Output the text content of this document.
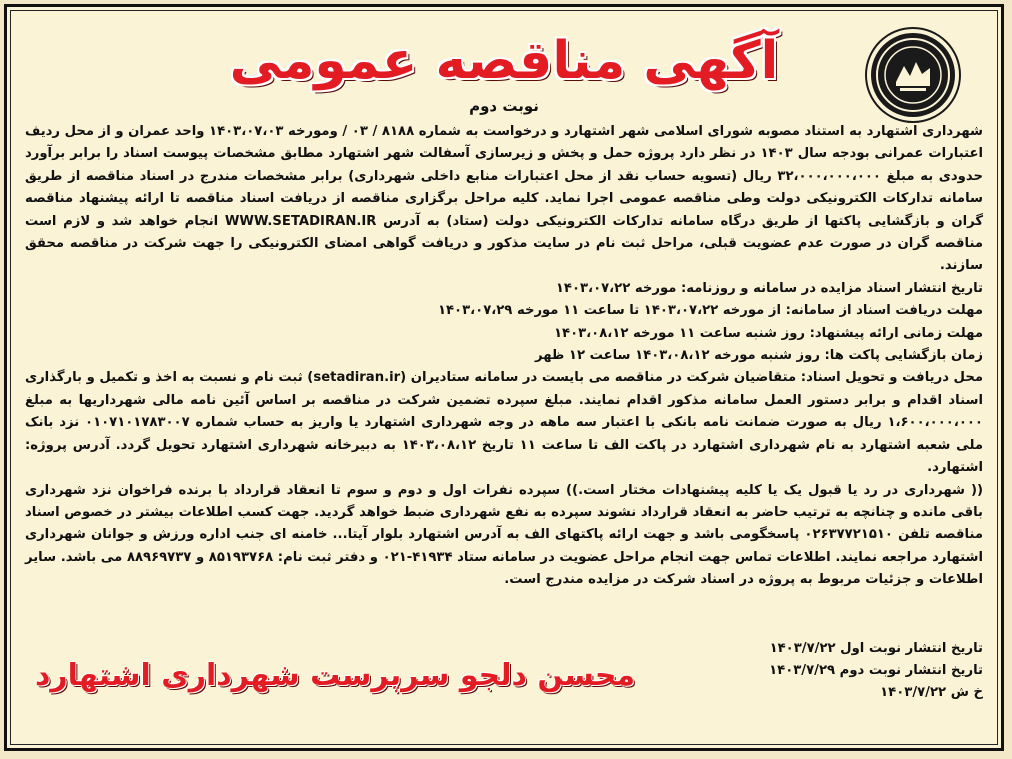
آگهی مناقصه عمومی
نوبت دوم

شهرداری اشتهارد به استناد مصوبه شورای اسلامی شهر اشتهارد و درخواست به شماره ۸۱۸۸ / ۰۳ / ومورخه ۱۴۰۳،۰۷،۰۳ واحد عمران و از محل ردیف اعتبارات عمرانی بودجه سال ۱۴۰۳ در نظر دارد پروژه حمل و پخش و زیرسازی آسفالت شهر اشتهارد مطابق مشخصات پیوست اسناد را برابر برآورد حدودی به مبلغ ۳۲،۰۰۰،۰۰۰،۰۰۰ ریال (تسویه حساب نقد از محل اعتبارات منابع داخلی شهرداری) برابر مشخصات مندرج در اسناد مناقصه از طریق سامانه تدارکات الکترونیکی دولت وطی مناقصه عمومی اجرا نماید. کلیه مراحل برگزاری مناقصه از دریافت اسناد مناقصه تا ارائه پیشنهاد مناقصه گران و بازگشایی پاکتها از طریق درگاه سامانه تدارکات الکترونیکی دولت (ستاد) به آدرس WWW.SETADIRAN.IR انجام خواهد شد و لازم است مناقصه گران در صورت عدم عضویت قبلی، مراحل ثبت نام در سایت مذکور و دریافت گواهی امضای الکترونیکی را جهت شرکت در مناقصه محقق سازند.

تاریخ انتشار اسناد مزایده در سامانه و روزنامه: مورخه ۱۴۰۳،۰۷،۲۲

مهلت دریافت اسناد از سامانه: از مورخه ۱۴۰۳،۰۷،۲۲ تا ساعت ۱۱ مورخه ۱۴۰۳،۰۷،۲۹

مهلت زمانی ارائه پیشنهاد: روز شنبه ساعت ۱۱ مورخه ۱۴۰۳،۰۸،۱۲

زمان بازگشایی پاکت ها: روز شنبه مورخه ۱۴۰۳،۰۸،۱۲ ساعت ۱۲ ظهر

محل دریافت و تحویل اسناد: متقاضیان شرکت در مناقصه می بایست در سامانه ستادیران (setadiran.ir) ثبت نام و نسبت به اخذ و تکمیل و بارگذاری اسناد اقدام و برابر دستور العمل سامانه مذکور اقدام نمایند. مبلغ سپرده تضمین شرکت در مناقصه بر اساس آئین نامه مالی شهرداریها به مبلغ ۱،۶۰۰،۰۰۰،۰۰۰ ریال به صورت ضمانت نامه بانکی با اعتبار سه ماهه در وجه شهرداری اشتهارد یا واریز به حساب شماره ۰۱۰۷۱۰۱۷۸۳۰۰۷ نزد بانک ملی شعبه اشتهارد به نام شهرداری اشتهارد در پاکت الف تا ساعت ۱۱ تاریخ ۱۴۰۳،۰۸،۱۲ به دبیرخانه شهرداری اشتهارد تحویل گردد. آدرس پروژه: اشتهارد.

(( شهرداری در رد یا قبول یک یا کلیه پیشنهادات مختار است.)) سپرده نفرات اول و دوم و سوم تا انعقاد قرارداد با برنده فراخوان نزد شهرداری باقی مانده و چنانچه به ترتیب حاضر به انعقاد قرارداد نشوند سپرده به نفع شهرداری ضبط خواهد گردید. جهت کسب اطلاعات بیشتر در خصوص اسناد مناقصه تلفن ۰۲۶۳۷۷۲۱۵۱۰ پاسخگومی باشد و جهت ارائه پاکتهای الف به آدرس اشتهارد بلوار آیتا... خامنه ای جنب اداره ورزش و جوانان شهرداری اشتهارد مراجعه نمایند. اطلاعات تماس جهت انجام مراحل عضویت در سامانه ستاد ۴۱۹۳۴-۰۲۱ و دفتر ثبت نام: ۸۵۱۹۳۷۶۸ و ۸۸۹۶۹۷۳۷ می باشد. سایر اطلاعات و جزئیات مربوط به پروژه در اسناد شرکت در مزایده مندرج است.

تاریخ انتشار نوبت اول ۱۴۰۳/۷/۲۲
تاریخ انتشار نوبت دوم ۱۴۰۳/۷/۲۹
خ ش ۱۴۰۳/۷/۲۲
محسن دلجو سرپرست شهرداری اشتهارد
